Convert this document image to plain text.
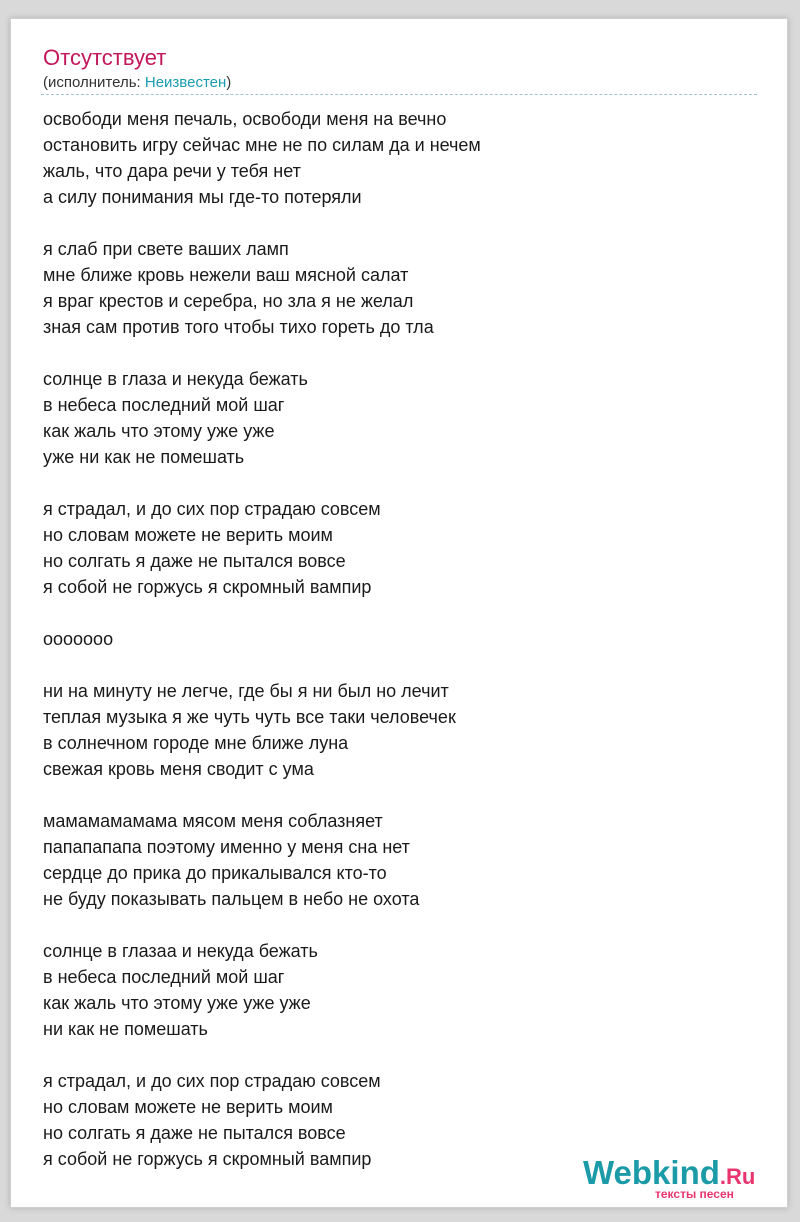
Отсутствует
(исполнитель: Неизвестен)
освободи меня печаль, освободи меня на вечно
остановить игру сейчас мне не по силам да и нечем
жаль, что дара речи у тебя нет
а силу понимания мы где-то потеряли
я слаб при свете ваших ламп
мне ближе кровь нежели ваш мясной салат
я враг крестов и серебра, но зла я не желал
зная сам против того чтобы тихо гореть до тла
солнце в глаза и некуда бежать
в небеса последний мой шаг
как жаль что этому уже уже
уже ни как не помешать
я страдал, и до сих пор страдаю совсем
но словам можете не верить моим
но солгать я даже не пытался вовсе
я собой не горжусь я скромный вампир
ооооооо
ни на минуту не легче, где бы я ни был но лечит
теплая музыка я же чуть чуть все таки человечек
в солнечном городе мне ближе луна
свежая кровь меня сводит с ума
мамамамамама мясом меня соблазняет
папапапапа поэтому именно у меня сна нет
сердце до прика до прикалывался кто-то
не буду показывать пальцем в небо не охота
солнце в глазаа и некуда бежать
в небеса последний мой шаг
как жаль что этому уже уже уже
ни как не помешать
я страдал, и до сих пор страдаю совсем
но словам можете не верить моим
но солгать я даже не пытался вовсе
я собой не горжусь я скромный вампир	Webkind.Ru
тексты песен
